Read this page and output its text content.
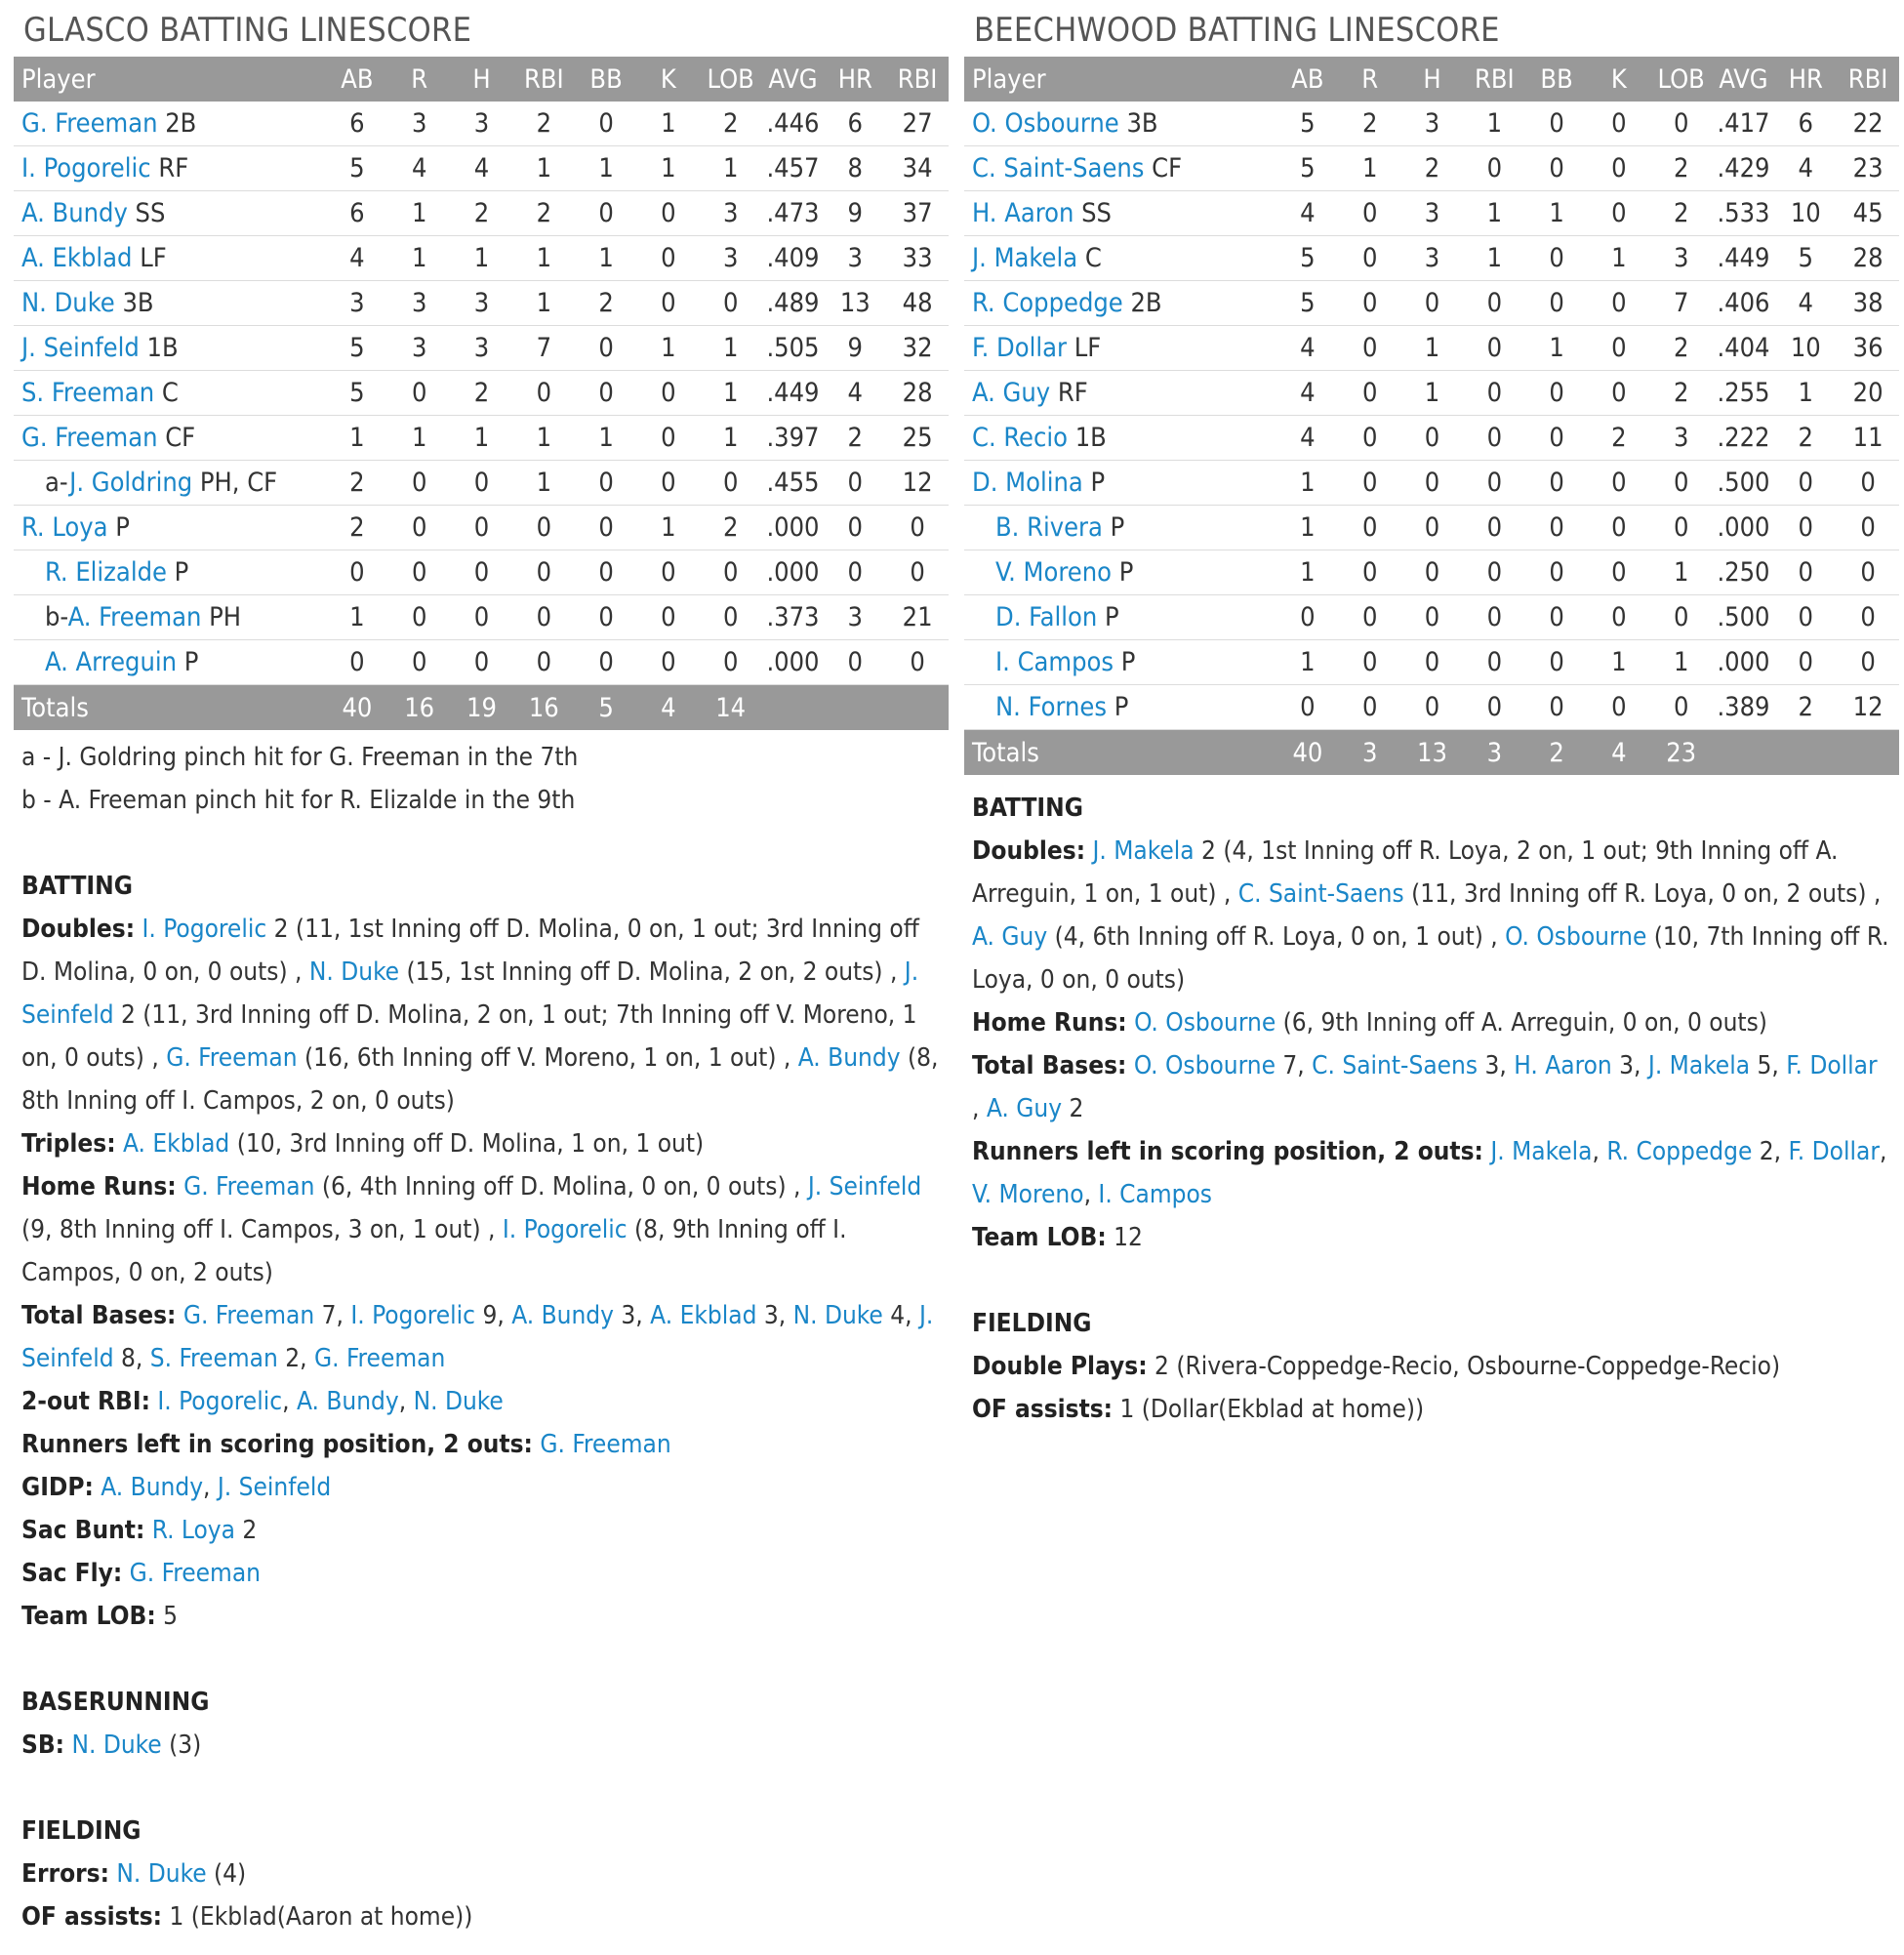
GLASCO BATTING LINESCORE
Player	AB	R	H	RBI	BB	K	LOB	AVG	HR	RBI
G. Freeman 2B	6	3	3	2	0	1	2	.446	6	27
I. Pogorelic RF	5	4	4	1	1	1	1	.457	8	34
A. Bundy SS	6	1	2	2	0	0	3	.473	9	37
A. Ekblad LF	4	1	1	1	1	0	3	.409	3	33
N. Duke 3B	3	3	3	1	2	0	0	.489	13	48
J. Seinfeld 1B	5	3	3	7	0	1	1	.505	9	32
S. Freeman C	5	0	2	0	0	0	1	.449	4	28
G. Freeman CF	1	1	1	1	1	0	1	.397	2	25
a-J. Goldring PH, CF	2	0	0	1	0	0	0	.455	0	12
R. Loya P	2	0	0	0	0	1	2	.000	0	0
R. Elizalde P	0	0	0	0	0	0	0	.000	0	0
b-A. Freeman PH	1	0	0	0	0	0	0	.373	3	21
A. Arreguin P	0	0	0	0	0	0	0	.000	0	0
Totals	40	16	19	16	5	4	14			
a - J. Goldring pinch hit for G. Freeman in the 7th
b - A. Freeman pinch hit for R. Elizalde in the 9th
BATTING
Doubles: I. Pogorelic 2 (11, 1st Inning off D. Molina, 0 on, 1 out; 3rd Inning off D. Molina, 0 on, 0 outs) , N. Duke (15, 1st Inning off D. Molina, 2 on, 2 outs) , J. Seinfeld 2 (11, 3rd Inning off D. Molina, 2 on, 1 out; 7th Inning off V. Moreno, 1 on, 0 outs) , G. Freeman (16, 6th Inning off V. Moreno, 1 on, 1 out) , A. Bundy (8, 8th Inning off I. Campos, 2 on, 0 outs)
Triples: A. Ekblad (10, 3rd Inning off D. Molina, 1 on, 1 out)
Home Runs: G. Freeman (6, 4th Inning off D. Molina, 0 on, 0 outs) , J. Seinfeld (9, 8th Inning off I. Campos, 3 on, 1 out) , I. Pogorelic (8, 9th Inning off I. Campos, 0 on, 2 outs)
Total Bases: G. Freeman 7, I. Pogorelic 9, A. Bundy 3, A. Ekblad 3, N. Duke 4, J. Seinfeld 8, S. Freeman 2, G. Freeman
2-out RBI: I. Pogorelic, A. Bundy, N. Duke
Runners left in scoring position, 2 outs: G. Freeman
GIDP: A. Bundy, J. Seinfeld
Sac Bunt: R. Loya 2
Sac Fly: G. Freeman
Team LOB: 5
BASERUNNING
SB: N. Duke (3)
FIELDING
Errors: N. Duke (4)
OF assists: 1 (Ekblad(Aaron at home))
BEECHWOOD BATTING LINESCORE
Player	AB	R	H	RBI	BB	K	LOB	AVG	HR	RBI
O. Osbourne 3B	5	2	3	1	0	0	0	.417	6	22
C. Saint-Saens CF	5	1	2	0	0	0	2	.429	4	23
H. Aaron SS	4	0	3	1	1	0	2	.533	10	45
J. Makela C	5	0	3	1	0	1	3	.449	5	28
R. Coppedge 2B	5	0	0	0	0	0	7	.406	4	38
F. Dollar LF	4	0	1	0	1	0	2	.404	10	36
A. Guy RF	4	0	1	0	0	0	2	.255	1	20
C. Recio 1B	4	0	0	0	0	2	3	.222	2	11
D. Molina P	1	0	0	0	0	0	0	.500	0	0
B. Rivera P	1	0	0	0	0	0	0	.000	0	0
V. Moreno P	1	0	0	0	0	0	1	.250	0	0
D. Fallon P	0	0	0	0	0	0	0	.500	0	0
I. Campos P	1	0	0	0	0	1	1	.000	0	0
N. Fornes P	0	0	0	0	0	0	0	.389	2	12
Totals	40	3	13	3	2	4	23			
BATTING
Doubles: J. Makela 2 (4, 1st Inning off R. Loya, 2 on, 1 out; 9th Inning off A. Arreguin, 1 on, 1 out) , C. Saint-Saens (11, 3rd Inning off R. Loya, 0 on, 2 outs) , A. Guy (4, 6th Inning off R. Loya, 0 on, 1 out) , O. Osbourne (10, 7th Inning off R. Loya, 0 on, 0 outs)
Home Runs: O. Osbourne (6, 9th Inning off A. Arreguin, 0 on, 0 outs)
Total Bases: O. Osbourne 7, C. Saint-Saens 3, H. Aaron 3, J. Makela 5, F. Dollar , A. Guy 2
Runners left in scoring position, 2 outs: J. Makela, R. Coppedge 2, F. Dollar, V. Moreno, I. Campos
Team LOB: 12
FIELDING
Double Plays: 2 (Rivera-Coppedge-Recio, Osbourne-Coppedge-Recio)
OF assists: 1 (Dollar(Ekblad at home))
